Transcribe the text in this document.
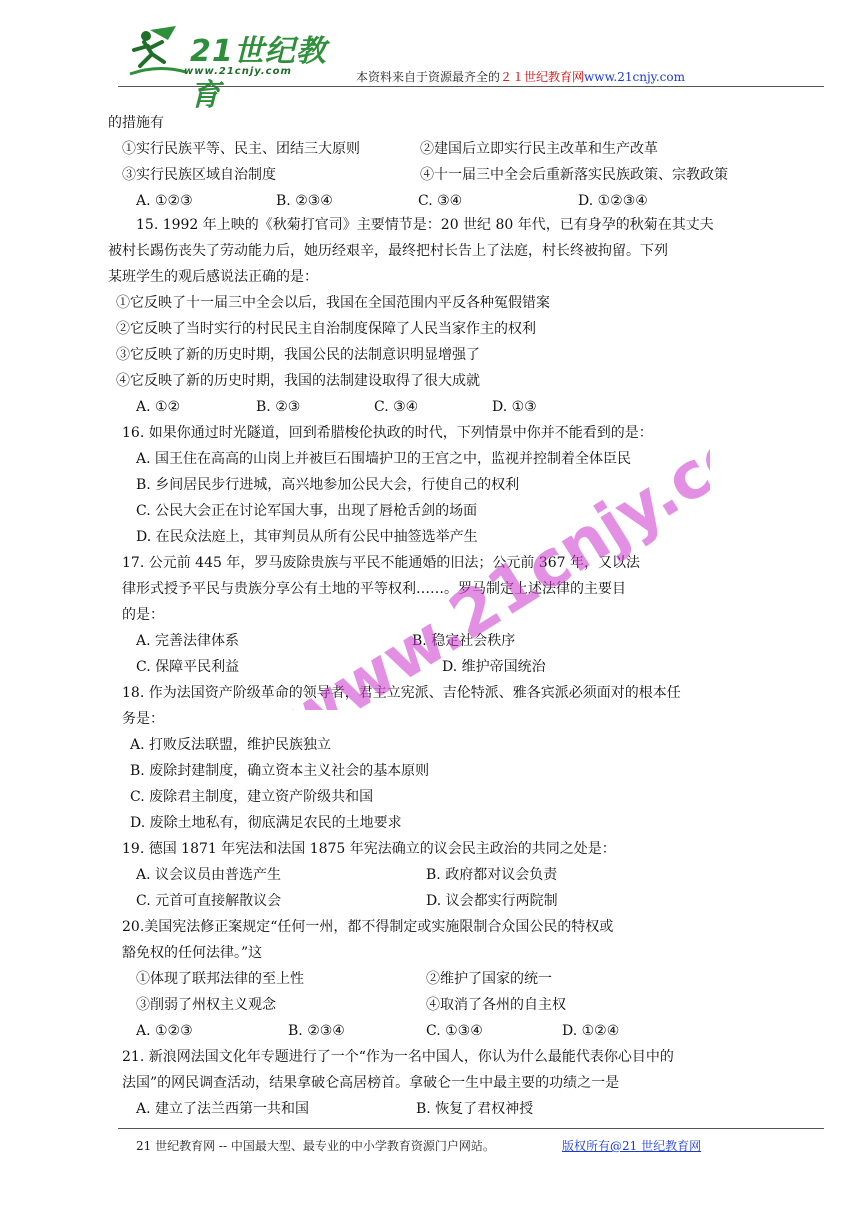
21世纪教育
www.21cnjy.com	本资料来自于资源最齐全的２１世纪教育网www.21cnjy.com
的措施有
①实行民族平等、民主、团结三大原则	②建国后立即实行民主改革和生产改革
③实行民族区域自治制度	④十一届三中全会后重新落实民族政策、宗教政策
A. ①②③	B. ②③④	C. ③④	D. ①②③④
15. 1992 年上映的《秋菊打官司》主要情节是：20 世纪 80 年代，已有身孕的秋菊在其丈夫
被村长踢伤丧失了劳动能力后，她历经艰辛，最终把村长告上了法庭，村长终被拘留。下列
某班学生的观后感说法正确的是：
①它反映了十一届三中全会以后，我国在全国范围内平反各种冤假错案
②它反映了当时实行的村民民主自治制度保障了人民当家作主的权利
③它反映了新的历史时期，我国公民的法制意识明显增强了
④它反映了新的历史时期，我国的法制建设取得了很大成就
A. ①②	B. ②③	C. ③④	D. ①③
16. 如果你通过时光隧道，回到希腊梭伦执政的时代，下列情景中你并不能看到的是：
A. 国王住在高高的山岗上并被巨石围墙护卫的王宫之中，监视并控制着全体臣民
B. 乡间居民步行进城，高兴地参加公民大会，行使自己的权利
C. 公民大会正在讨论军国大事，出现了唇枪舌剑的场面
D. 在民众法庭上，其审判员从所有公民中抽签选举产生
17. 公元前 445 年，罗马废除贵族与平民不能通婚的旧法；公元前 367 年，又以法
律形式授予平民与贵族分享公有土地的平等权利……。罗马制定上述法律的主要目
的是：
A. 完善法律体系	B. 稳定社会秩序
C. 保障平民利益	D. 维护帝国统治
18. 作为法国资产阶级革命的领导者，君主立宪派、吉伦特派、雅各宾派必须面对的根本任
务是：
A. 打败反法联盟，维护民族独立
B. 废除封建制度，确立资本主义社会的基本原则
C. 废除君主制度，建立资产阶级共和国
D. 废除土地私有，彻底满足农民的土地要求
19. 德国 1871 年宪法和法国 1875 年宪法确立的议会民主政治的共同之处是：
A. 议会议员由普选产生	B. 政府都对议会负责
C. 元首可直接解散议会	D. 议会都实行两院制
20.美国宪法修正案规定“任何一州，都不得制定或实施限制合众国公民的特权或
豁免权的任何法律。”这
①体现了联邦法律的至上性	②维护了国家的统一
③削弱了州权主义观念	④取消了各州的自主权
A. ①②③	B. ②③④	C. ①③④	D. ①②④
21. 新浪网法国文化年专题进行了一个“作为一名中国人，你认为什么最能代表你心目中的
法国”的网民调查活动，结果拿破仑高居榜首。拿破仑一生中最主要的功绩之一是
A. 建立了法兰西第一共和国	B. 恢复了君权神授
www.21cnjy.com
21 世纪教育网 -- 中国最大型、最专业的中小学教育资源门户网站。	版权所有@21 世纪教育网
